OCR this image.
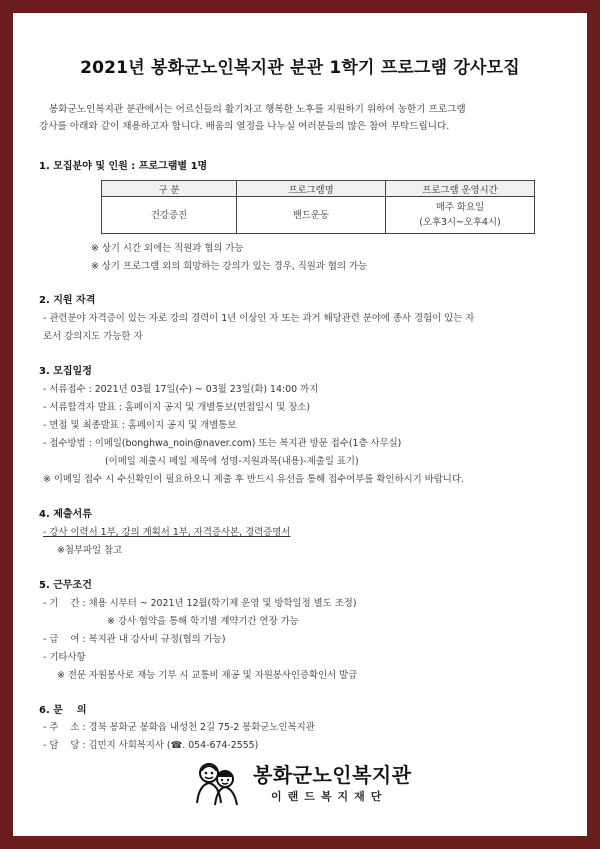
2021년 봉화군노인복지관 분관 1학기 프로그램 강사모집

봉화군노인복지관 분관에서는 어르신들의 활기차고 행복한 노후를 지원하기 위하여 농한기 프로그램

강사를 아래와 같이 채용하고자 합니다. 배움의 열정을 나누실 여러분들의 많은 참여 부탁드립니다.
1. 모집분야 및 인원 : 프로그램별 1명
구 분	프로그램명	프로그램 운영시간
건강증진	밴드운동	매주 화요일
(오후3시~오후4시)
※ 상기 시간 외에는 직원과 협의 가능
※ 상기 프로그램 외의 희망하는 강의가 있는 경우, 직원과 협의 가능
2. 지원 자격
- 관련분야 자격증이 있는 자로 강의 경력이 1년 이상인 자 또는 과거 해당관련 분야에 종사 경험이 있는 자
로서 강의지도 가능한 자
3. 모집일정
- 서류접수 : 2021년 03월 17일(수) ~ 03월 23일(화) 14:00 까지
- 서류합격자 발표 : 홈페이지 공지 및 개별통보(면접일시 및 장소)
- 면접 및 최종발표 : 홈페이지 공지 및 개별통보
- 접수방법 : 이메일(bonghwa_noin@naver.com) 또는 복지관 방문 접수(1층 사무실)
(이메일 제출시 메일 제목에 성명-지원과목(내용)-제출일 표기)
※ 이메일 접수 시 수신확인이 필요하오니 제출 후 반드시 유선을 통해 접수여부를 확인하시기 바랍니다.
4. 제출서류
- 강사 이력서 1부, 강의 계획서 1부, 자격증사본, 경력증명서
※첨부파일 참고
5. 근무조건
- 기    간 : 채용 시부터 ~ 2021년 12월(학기제 운영 및 방학일정 별도 조정)
※ 강사 협약을 통해 학기별 계약기간 연장 가능
- 급    여 : 복지관 내 강사비 규정(협의 가능)
- 기타사항
※ 전문 자원봉사로 재능 기부 시 교통비 제공 및 자원봉사인증확인서 발급
6. 문    의
- 주    소 : 경북 봉화군 봉화읍 내성천 2길 75-2 봉화군노인복지관
- 담    당 : 김민지 사회복지사 (☎. 054-674-2555)
봉화군노인복지관
이랜드복지재단
